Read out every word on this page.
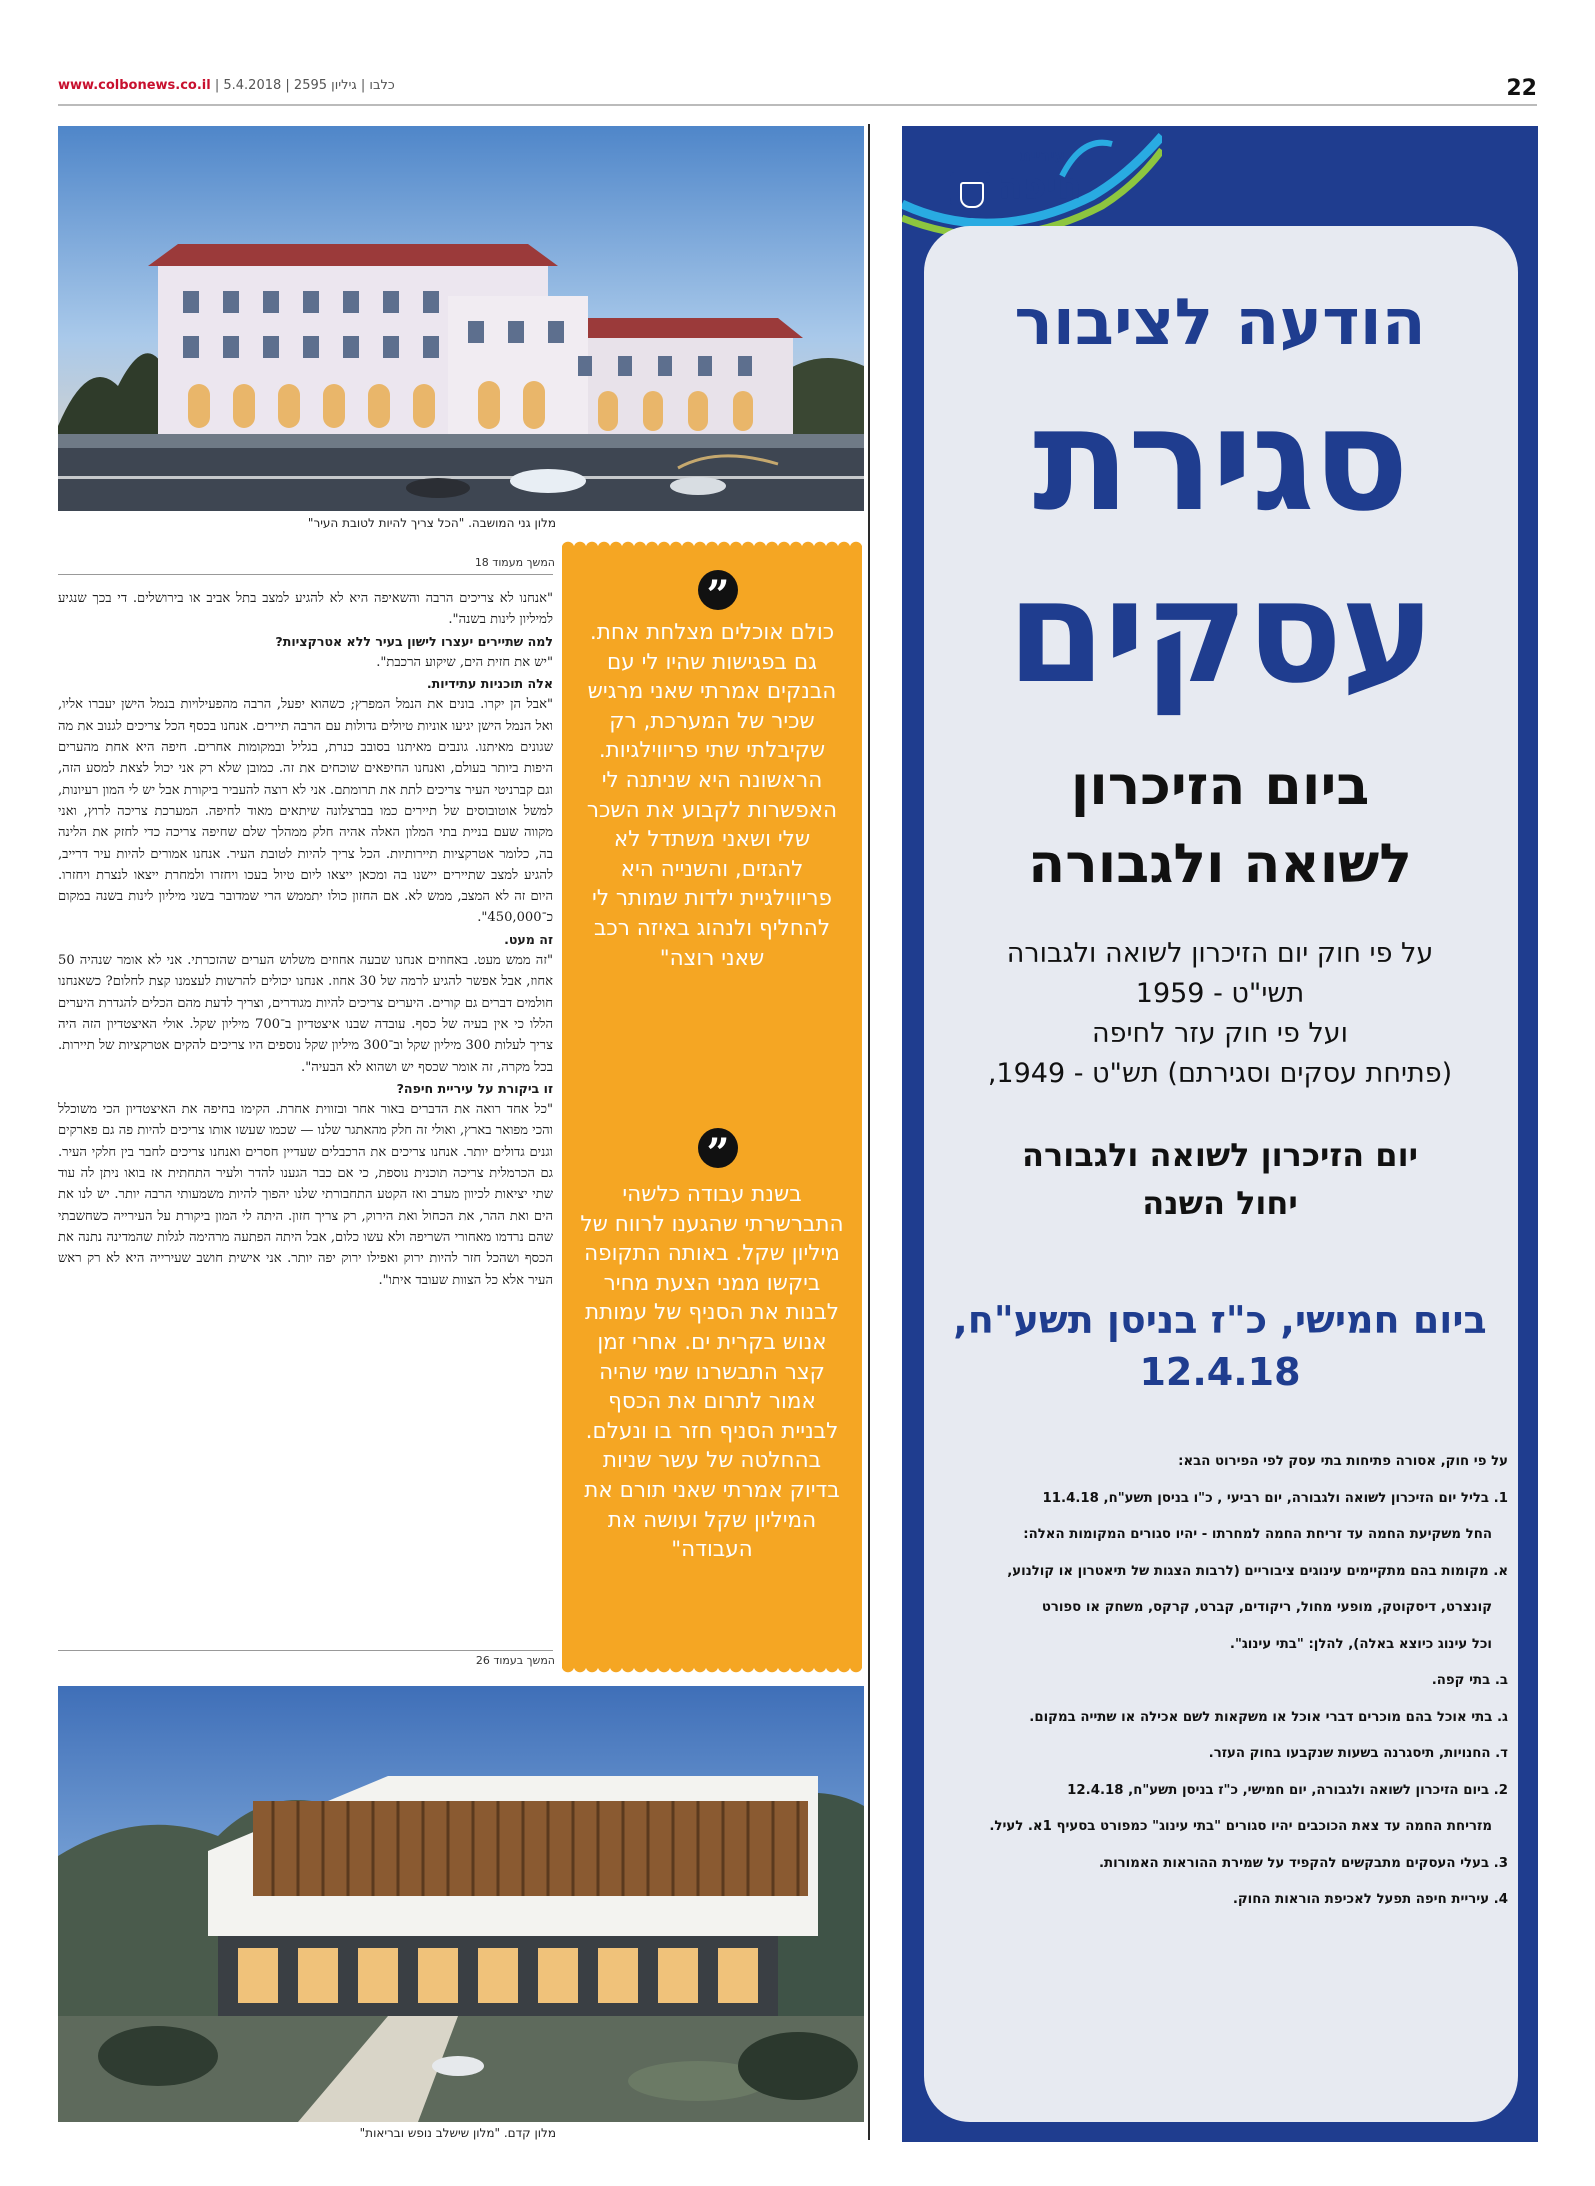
www.colbonews.co.il | כלבו | גיליון 2595 | 5.4.2018	22
מלון גני המושבה. "הכל צריך להיות לטובת העיר"
המשך מעמוד 18

"אנחנו לא צריכים הרבה והשאיפה היא לא להגיע למצב בתל אביב או בירושלים. די בכך שנגיע למיליון לינות בשנה".

למה שתיירים יעצרו לישון בעיר ללא אטרקציות?

"יש את חזית הים, שיקוע הרכבת".

אלה תוכניות עתידיות.

"אבל הן יקרו. בונים את הנמל המפרץ; כשהוא יפעל, הרבה מהפעילויות בנמל הישן יעברו אליו, ואל הנמל הישן יגיעו אוניות טיולים גדולות עם הרבה תיירים. אנחנו בכסף הכל צריכים לגנוב את מה שגונים מאיתנו. גונבים מאיתנו בסובב כנרת, בגליל ובמקומות אחרים. חיפה היא אחת מהערים היפות ביותר בעולם, ואנחנו החיפאים שוכחים את זה. כמובן שלא רק אני יכול לצאת למסע הזה, וגם קברניטי העיר צריכים לתת את תרומתם. אני לא רוצה להעביר ביקורת אבל יש לי המון רעיונות, למשל אוטובוסים של תיירים כמו בברצלונה שיתאים מאוד לחיפה. המערכת צריכה לרוץ, ואני מקווה שעם בניית בתי המלון האלה אהיה חלק ממהלך שלם שחיפה צריכה כדי לחזק את הלינה בה, כלומר אטרקציות תיירותיות. הכל צריך להיות לטובת העיר. אנחנו אמורים להיות עיר דרייב, להגיע למצב שתיירים יישנו בה ומכאן ייצאו ליום טיול בעכו ויחזרו ולמחרת ייצאו לנצרת ויחזרו. היום זה לא המצב, ממש לא. אם החזון כולו יתממש הרי שמדובר בשני מיליון לינות בשנה במקום כ־450,000".

זה מעט.

"זה ממש מעט. באחוזים אנחנו שבעה אחוזים משלוש הערים שהזכרתי. אני לא אומר שנהיה 50 אחוז, אבל אפשר להגיע לרמה של 30 אחוז. אנחנו יכולים להרשות לעצמנו קצת לחלום? כשאנחנו חולמים דברים גם קורים. היערים צריכים להיות מגודרים, וצריך לדעת מהם הכלים להגדרת היערים הללו כי אין בעיה של כסף. עובדה שבנו איצטדיון ב־700 מיליון שקל. אולי האיצטדיון הזה היה צריך לעלות 300 מיליון שקל וב־300 מיליון שקל נוספים היו צריכים להקים אטרקציות של תיירות. בכל מקרה, זה אומר שכסף יש ושהוא לא הבעיה".

זו ביקורת על עיריית חיפה?

"כל אחד רואה את הדברים באור אחר ובזווית אחרת. הקימו בחיפה את האיצטדיון הכי משוכלל והכי מפואר בארץ, ואולי זה חלק מהאתגר שלנו — שכמו שעשו אותו צריכים להיות פה גם פארקים וגנים גדולים יותר. אנחנו צריכים את הרכבלים שעדיין חסרים ואנחנו צריכים לחבר בין חלקי העיר. גם הכרמלית צריכה תוכנית נוספת, כי אם כבר הגענו להדר ולעיר התחתית אז בואו ניתן לה עוד שתי יציאות לכיוון מערב ואז הקטע התחבורתי שלנו יהפוך להיות משמעותי הרבה יותר. יש לנו את הים ואת ההר, את הכחול ואת הירוק, רק צריך חזון. היתה לי המון ביקורת על העירייה כשחשבתי שהם נרדמו מאחורי השריפה ולא עשו כלום, אבל היתה הפתעה מרהימה לגלות שהמדינה נתנה את הכסף ושהכל חזר להיות ירוק ואפילו ירוק יפה יותר. אני אישית חושב שעירייה היא לא רק ראש העיר אלא כל הצוות שעובד איתו".

המשך בעמוד 26
”
כולם אוכלים מצלחת אחת. גם בפגישות שהיו לי עם הבנקים אמרתי שאני מרגיש שכיר של המערכת, רק שקיבלתי שתי פריווילגיות. הראשונה היא שניתנה לי האפשרות לקבוע את השכר שלי ושאני משתדל לא להגזים, והשנייה היא פריווילגיית ילדות שמותר לי להחליף ולנהוג באיזה רכב שאני רוצה"
”
בשנת עבודה כלשהי התברשרתי שהגענו לרווח של מיליון שקל. באותה התקופה ביקשו ממני הצעת מחיר לבנות את הסניף של עמותת אנוש בקרית ים. אחרי זמן קצר התבשרנו שמי שהיה אמור לתרום את הכסף לבניית הסניף חזר בו ונעלם. בהחלטה של עשר שניות בדיוק אמרתי שאני תורם את המיליון שקל ועושה את העבודה"
מלון קדם. "מלון שישלב נופש ובריאות"
עיריית
חיפה
הודעה לציבור
סגירת
עסקים
ביום הזיכרון
לשואה ולגבורה
על פי חוק יום הזיכרון לשואה ולגבורה
תשי"ט - 1959
ועל פי חוק עזר לחיפה
(פתיחת עסקים וסגירתם) תש"ט - 1949,
יום הזיכרון לשואה ולגבורה
יחול השנה
ביום חמישי, כ"ז בניסן תשע"ח,
12.4.18
על פי חוק, אסורה פתיחות בתי עסק לפי הפירוט הבא:
1. בליל יום הזיכרון לשואה ולגבורה, יום רביעי , כ"ו בניסן תשע"ח, 11.4.18
החל משקיעת החמה עד זריחת החמה למחרתו - יהיו סגורים המקומות האלה:
א. מקומות בהם מתקיימים עינוגים ציבוריים (לרבות הצגות של תיאטרון או קולנוע,
קונצרט, דיסקוטק, מופעי מחול, ריקודים, קברט, קרקס, משחק או ספורט
וכל עינוג כיוצא באלה), להלן: "בתי עינוג".
ב. בתי קפה.
ג. בתי אוכל בהם מוכרים דברי אוכל או משקאות לשם אכילה או שתייה במקום.
ד. החנויות, תיסגרנה בשעות שנקבעו בחוק העזר.
2. ביום הזיכרון לשואה ולגבורה, יום חמישי, כ"ז בניסן תשע"ח, 12.4.18
מזריחת החמה עד צאת הכוכבים יהיו סגורים "בתי עינוג" כמפורט בסעיף 1א. לעיל.
3. בעלי העסקים מתבקשים להקפיד על שמירת ההוראות האמורות.
4. עיריית חיפה תפעל לאכיפת הוראות החוק.
